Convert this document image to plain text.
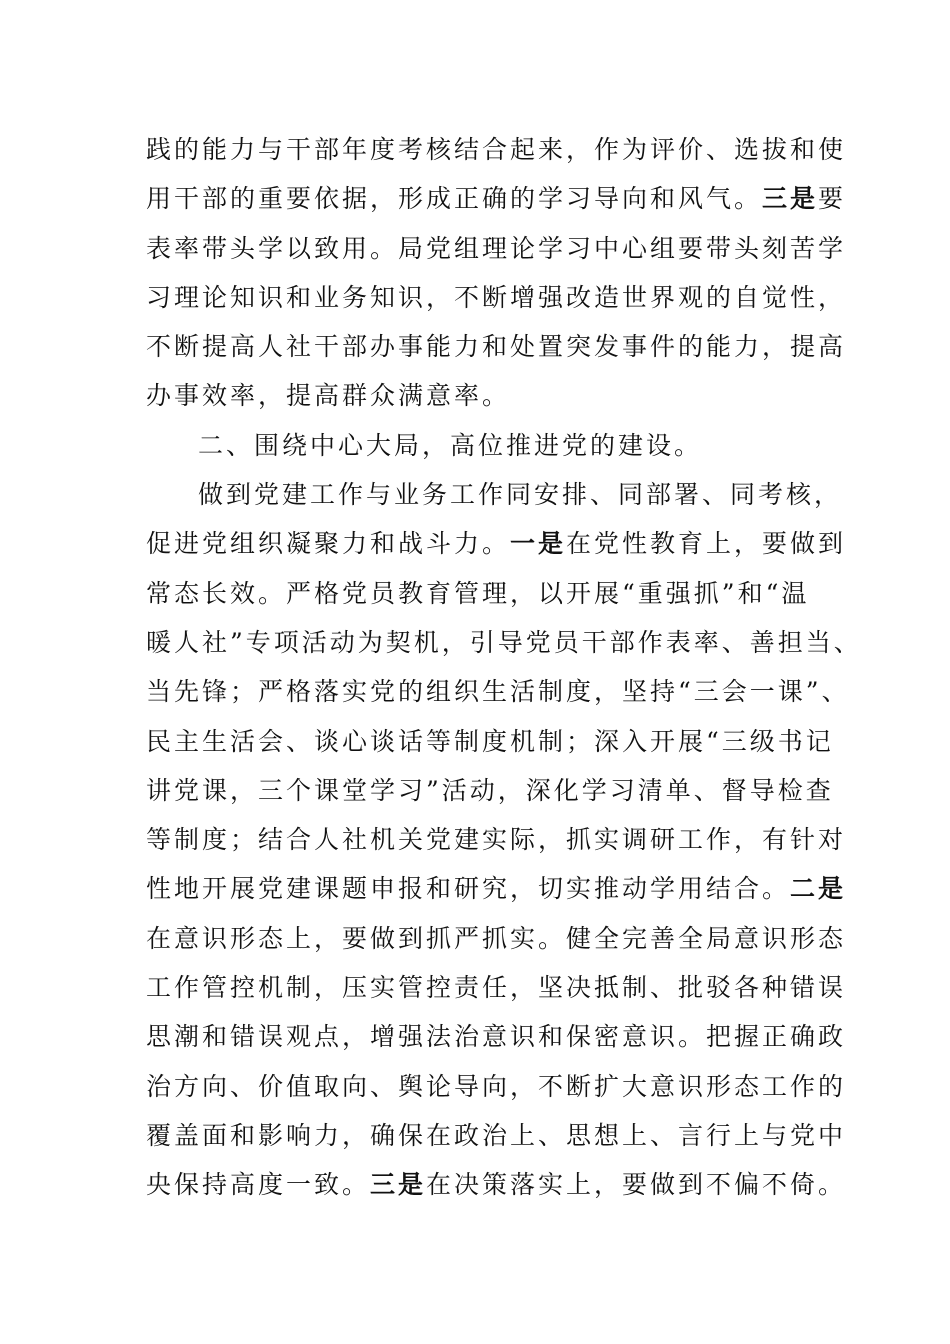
践的能力与干部年度考核结合起来，作为评价、选拔和使
用干部的重要依据，形成正确的学习导向和风气。三是要
表率带头学以致用。局党组理论学习中心组要带头刻苦学
习理论知识和业务知识，不断增强改造世界观的自觉性，
不断提高人社干部办事能力和处置突发事件的能力，提高
办事效率，提高群众满意率。
二、围绕中心大局，高位推进党的建设。
做到党建工作与业务工作同安排、同部署、同考核，
促进党组织凝聚力和战斗力。一是在党性教育上，要做到
常态长效。严格党员教育管理，以开展“重强抓”和“温
暖人社”专项活动为契机，引导党员干部作表率、善担当、
当先锋；严格落实党的组织生活制度，坚持“三会一课”、
民主生活会、谈心谈话等制度机制；深入开展“三级书记
讲党课，三个课堂学习”活动，深化学习清单、督导检查
等制度；结合人社机关党建实际，抓实调研工作，有针对
性地开展党建课题申报和研究，切实推动学用结合。二是
在意识形态上，要做到抓严抓实。健全完善全局意识形态
工作管控机制，压实管控责任，坚决抵制、批驳各种错误
思潮和错误观点，增强法治意识和保密意识。把握正确政
治方向、价值取向、舆论导向，不断扩大意识形态工作的
覆盖面和影响力，确保在政治上、思想上、言行上与党中
央保持高度一致。三是在决策落实上，要做到不偏不倚。
